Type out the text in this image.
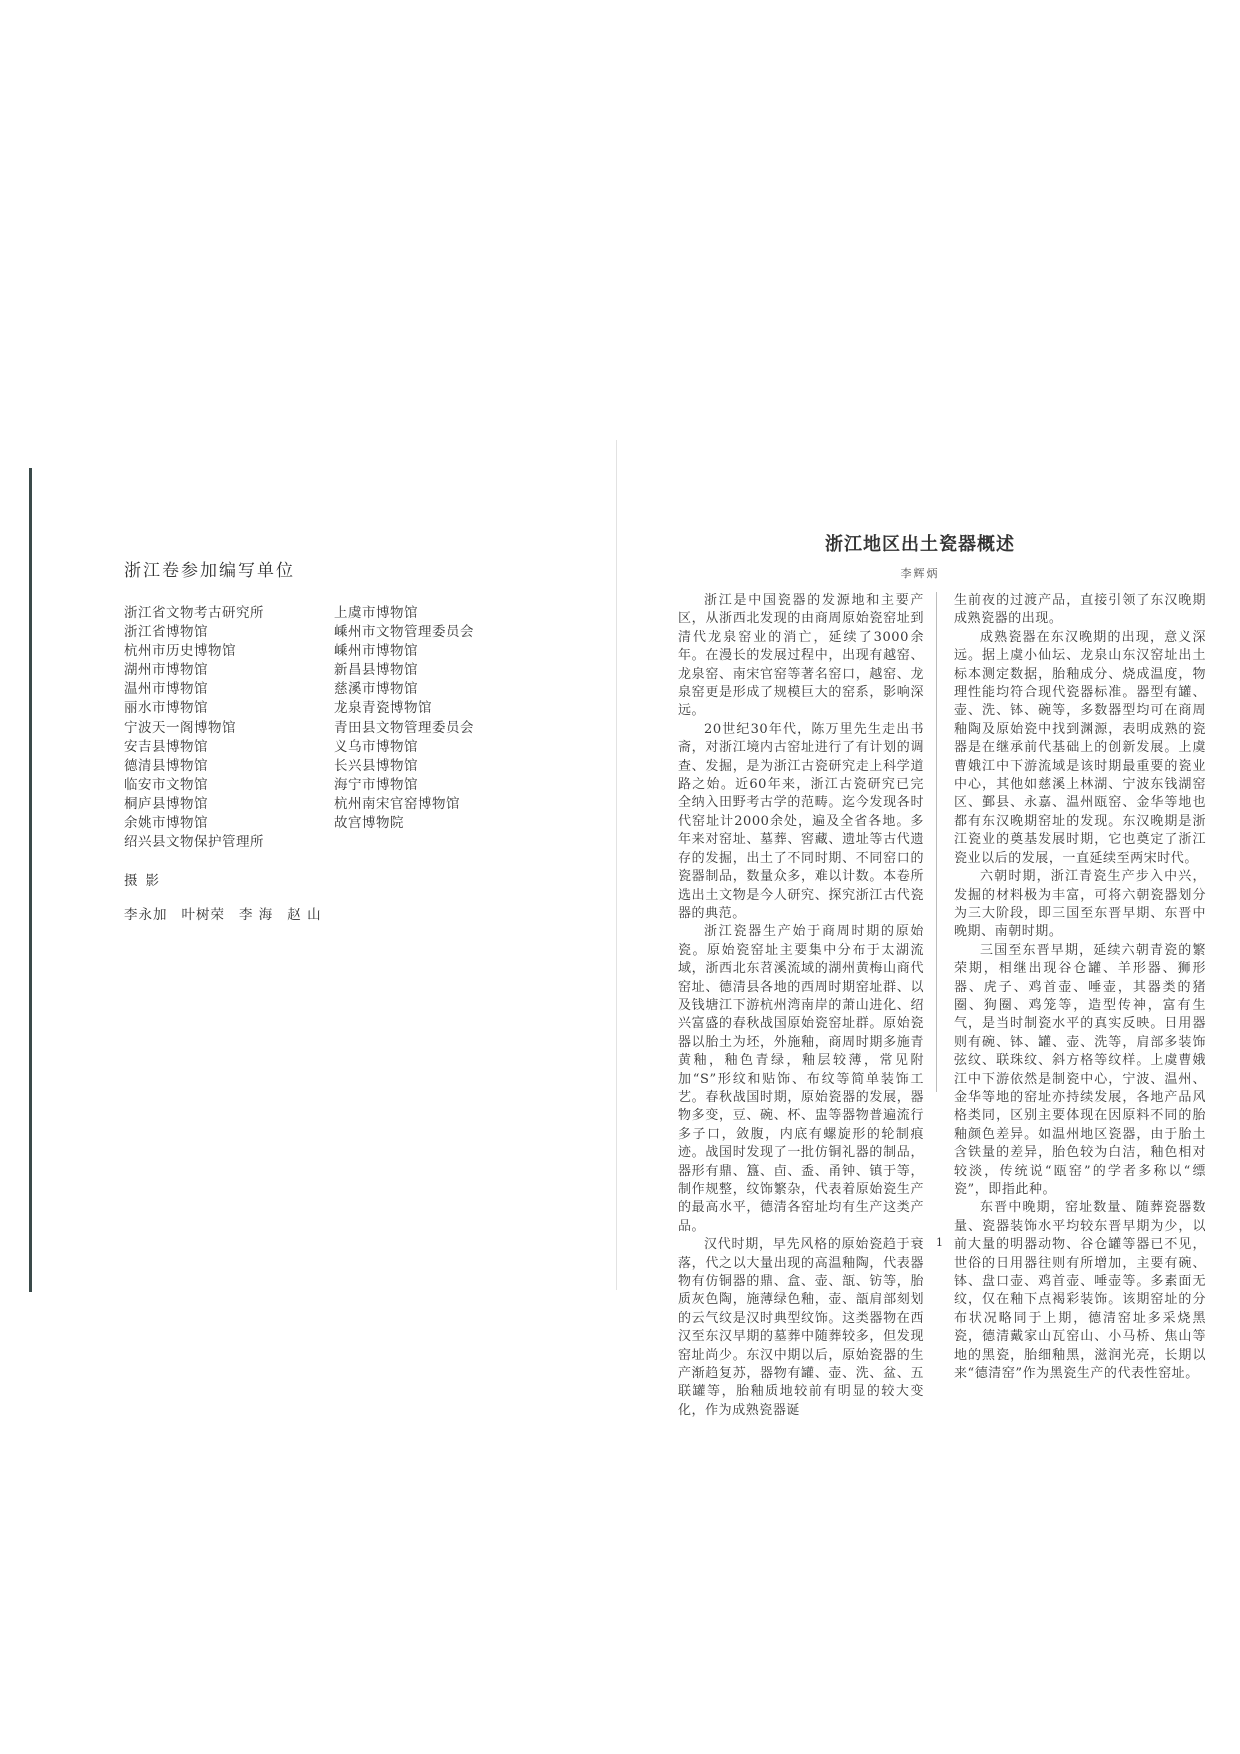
浙江卷参加编写单位
浙江省文物考古研究所
浙江省博物馆
杭州市历史博物馆
湖州市博物馆
温州市博物馆
丽水市博物馆
宁波天一阁博物馆
安吉县博物馆
德清县博物馆
临安市文物馆
桐庐县博物馆
余姚市博物馆
绍兴县文物保护管理所
上虞市博物馆
嵊州市文物管理委员会
嵊州市博物馆
新昌县博物馆
慈溪市博物馆
龙泉青瓷博物馆
青田县文物管理委员会
义乌市博物馆
长兴县博物馆
海宁市博物馆
杭州南宋官窑博物馆
故宫博物院
摄影
李永加 叶树荣 李 海 赵 山
浙江地区出土瓷器概述
李辉炳

浙江是中国瓷器的发源地和主要产区，从浙西北发现的由商周原始瓷窑址到清代龙泉窑业的消亡，延续了3000余年。在漫长的发展过程中，出现有越窑、龙泉窑、南宋官窑等著名窑口，越窑、龙泉窑更是形成了规模巨大的窑系，影响深远。

20世纪30年代，陈万里先生走出书斋，对浙江境内古窑址进行了有计划的调查、发掘，是为浙江古瓷研究走上科学道路之始。近60年来，浙江古瓷研究已完全纳入田野考古学的范畴。迄今发现各时代窑址计2000余处，遍及全省各地。多年来对窑址、墓葬、窖藏、遗址等古代遗存的发掘，出土了不同时期、不同窑口的瓷器制品，数量众多，难以计数。本卷所选出土文物是今人研究、探究浙江古代瓷器的典范。

浙江瓷器生产始于商周时期的原始瓷。原始瓷窑址主要集中分布于太湖流域，浙西北东苕溪流域的湖州黄梅山商代窑址、德清县各地的西周时期窑址群、以及钱塘江下游杭州湾南岸的萧山进化、绍兴富盛的春秋战国原始瓷窑址群。原始瓷器以胎土为坯，外施釉，商周时期多施青黄釉，釉色青绿，釉层较薄，常见附加“S”形纹和贴饰、布纹等简单装饰工艺。春秋战国时期，原始瓷器的发展，器物多变，豆、碗、杯、盅等器物普遍流行多子口，敛腹，内底有螺旋形的轮制痕迹。战国时发现了一批仿铜礼器的制品，器形有鼎、簋、卣、盉、甬钟、镇于等，制作规整，纹饰繁杂，代表着原始瓷生产的最高水平，德清各窑址均有生产这类产品。

汉代时期，早先风格的原始瓷趋于衰落，代之以大量出现的高温釉陶，代表器物有仿铜器的鼎、盒、壶、瓿、钫等，胎质灰色陶，施薄绿色釉，壶、瓿肩部刻划的云气纹是汉时典型纹饰。这类器物在西汉至东汉早期的墓葬中随葬较多，但发现窑址尚少。东汉中期以后，原始瓷器的生产渐趋复苏，器物有罐、壶、洗、盆、五联罐等，胎釉质地较前有明显的较大变化，作为成熟瓷器诞

生前夜的过渡产品，直接引领了东汉晚期成熟瓷器的出现。

成熟瓷器在东汉晚期的出现，意义深远。据上虞小仙坛、龙泉山东汉窑址出土标本测定数据，胎釉成分、烧成温度，物理性能均符合现代瓷器标准。器型有罐、壶、洗、钵、碗等，多数器型均可在商周釉陶及原始瓷中找到渊源，表明成熟的瓷器是在继承前代基础上的创新发展。上虞曹娥江中下游流域是该时期最重要的瓷业中心，其他如慈溪上林湖、宁波东钱湖窑区、鄞县、永嘉、温州瓯窑、金华等地也都有东汉晚期窑址的发现。东汉晚期是浙江瓷业的奠基发展时期，它也奠定了浙江瓷业以后的发展，一直延续至两宋时代。

六朝时期，浙江青瓷生产步入中兴，发掘的材料极为丰富，可将六朝瓷器划分为三大阶段，即三国至东晋早期、东晋中晚期、南朝时期。

三国至东晋早期，延续六朝青瓷的繁荣期，相继出现谷仓罐、羊形器、狮形器、虎子、鸡首壶、唾壶，其器类的猪圈、狗圈、鸡笼等，造型传神，富有生气，是当时制瓷水平的真实反映。日用器则有碗、钵、罐、壶、洗等，肩部多装饰弦纹、联珠纹、斜方格等纹样。上虞曹娥江中下游依然是制瓷中心，宁波、温州、金华等地的窑址亦持续发展，各地产品风格类同，区别主要体现在因原料不同的胎釉颜色差异。如温州地区瓷器，由于胎土含铁量的差异，胎色较为白洁，釉色相对较淡，传统说“瓯窑”的学者多称以“缥瓷”，即指此种。

东晋中晚期，窑址数量、随葬瓷器数量、瓷器装饰水平均较东晋早期为少，以前大量的明器动物、谷仓罐等器已不见，世俗的日用器往则有所增加，主要有碗、钵、盘口壶、鸡首壶、唾壶等。多素面无纹，仅在釉下点褐彩装饰。该期窑址的分布状况略同于上期，德清窑址多采烧黑瓷，德清戴家山瓦窑山、小马桥、焦山等地的黑瓷，胎细釉黑，滋润光亮，长期以来“德清窑”作为黑瓷生产的代表性窑址。

1
